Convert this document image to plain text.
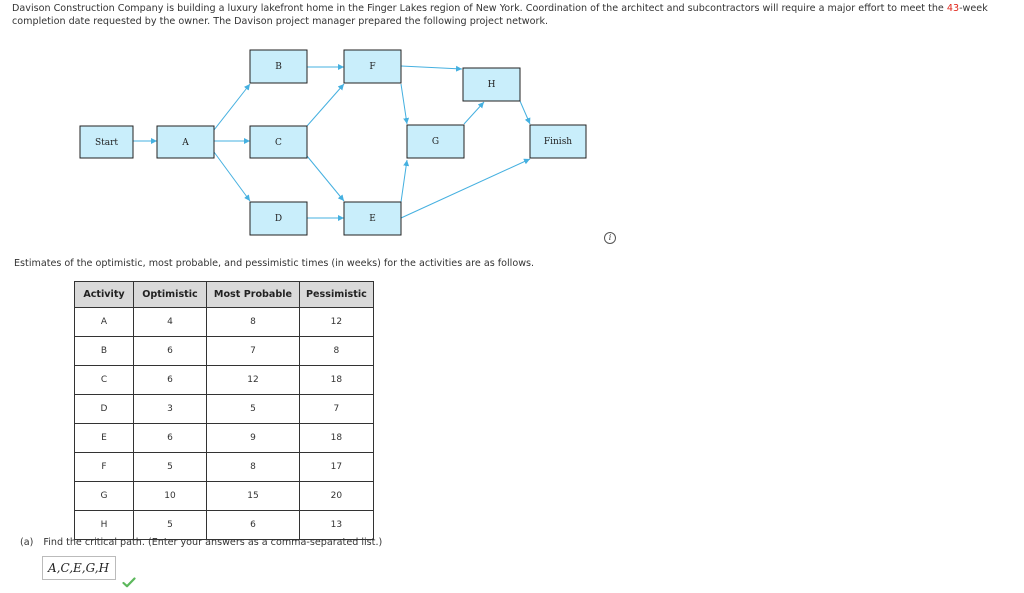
Davison Construction Company is building a luxury lakefront home in the Finger Lakes region of New York. Coordination of the architect and subcontractors will require a major effort to meet the 43-week completion date requested by the owner. The Davison project manager prepared the following project network.
Start	A
B
C
D	E
F
G
H
Finish
i
Estimates of the optimistic, most probable, and pessimistic times (in weeks) for the activities are as follows.
Activity	Optimistic	Most Probable	Pessimistic
A	4	8	12
B	6	7	8
C	6	12	18
D	3	5	7
E	6	9	18
F	5	8	17
G	10	15	20
H	5	6	13
(a) Find the critical path. (Enter your answers as a comma-separated list.)
A,C,E,G,H
